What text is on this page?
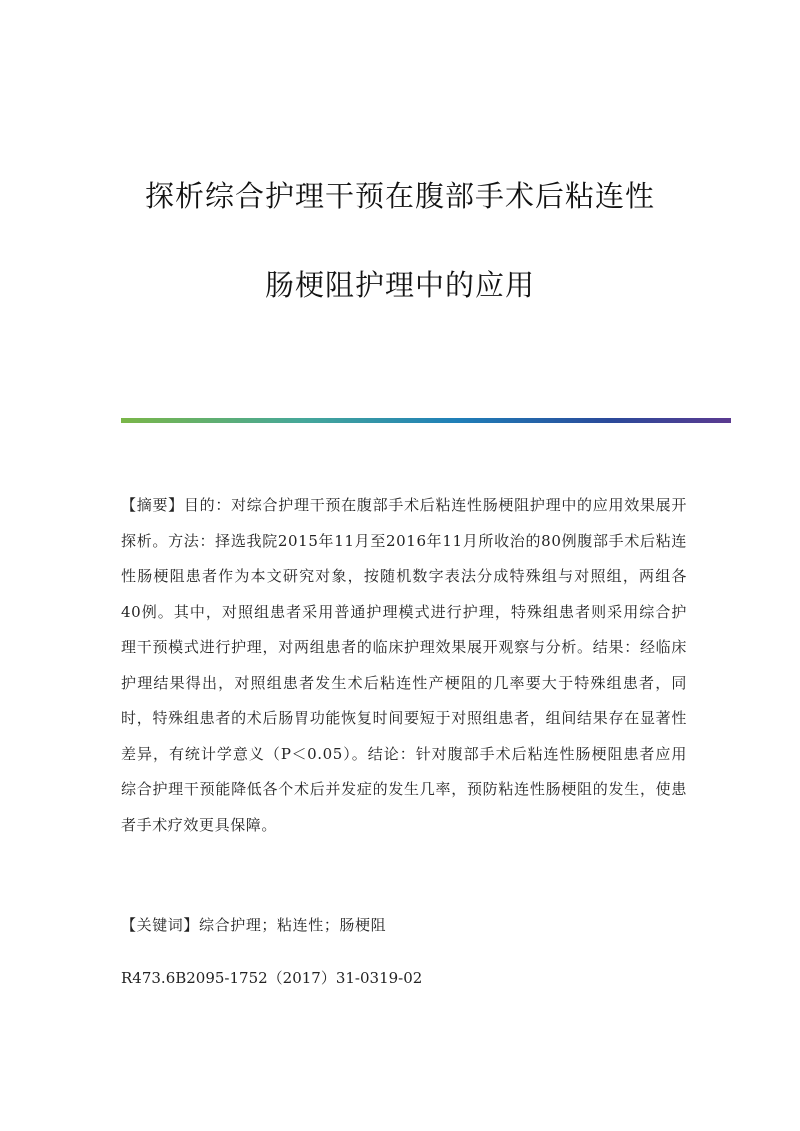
探析综合护理干预在腹部手术后粘连性
肠梗阻护理中的应用
【摘要】目的：对综合护理干预在腹部手术后粘连性肠梗阻护理中的应用效果展开探析。方法：择选我院2015年11月至2016年11月所收治的80例腹部手术后粘连性肠梗阻患者作为本文研究对象，按随机数字表法分成特殊组与对照组，两组各40例。其中，对照组患者采用普通护理模式进行护理，特殊组患者则采用综合护理干预模式进行护理，对两组患者的临床护理效果展开观察与分析。结果：经临床护理结果得出，对照组患者发生术后粘连性产梗阻的几率要大于特殊组患者，同时，特殊组患者的术后肠胃功能恢复时间要短于对照组患者，组间结果存在显著性差异，有统计学意义（P＜0.05）。结论：针对腹部手术后粘连性肠梗阻患者应用综合护理干预能降低各个术后并发症的发生几率，预防粘连性肠梗阻的发生，使患者手术疗效更具保障。
【关键词】综合护理；粘连性；肠梗阻
R473.6B2095-1752（2017）31-0319-02
